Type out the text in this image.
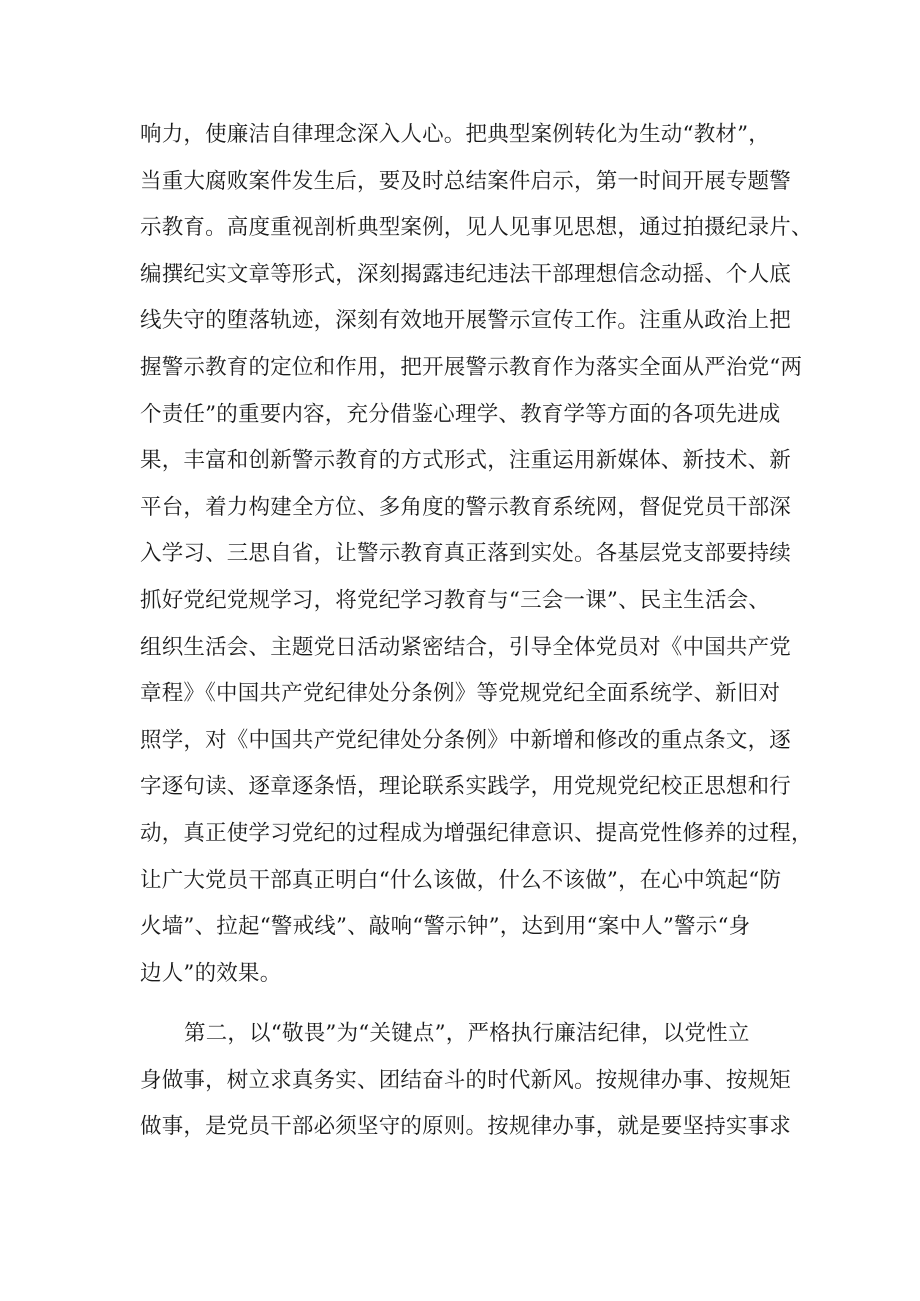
响力，使廉洁自律理念深入人心。把典型案例转化为生动“教材”，
当重大腐败案件发生后，要及时总结案件启示，第一时间开展专题警
示教育。高度重视剖析典型案例，见人见事见思想，通过拍摄纪录片、
编撰纪实文章等形式，深刻揭露违纪违法干部理想信念动摇、个人底
线失守的堕落轨迹，深刻有效地开展警示宣传工作。注重从政治上把
握警示教育的定位和作用，把开展警示教育作为落实全面从严治党“两
个责任”的重要内容，充分借鉴心理学、教育学等方面的各项先进成
果，丰富和创新警示教育的方式形式，注重运用新媒体、新技术、新
平台，着力构建全方位、多角度的警示教育系统网，督促党员干部深
入学习、三思自省，让警示教育真正落到实处。各基层党支部要持续
抓好党纪党规学习，将党纪学习教育与“三会一课”、民主生活会、
组织生活会、主题党日活动紧密结合，引导全体党员对《中国共产党
章程》《中国共产党纪律处分条例》等党规党纪全面系统学、新旧对
照学，对《中国共产党纪律处分条例》中新增和修改的重点条文，逐
字逐句读、逐章逐条悟，理论联系实践学，用党规党纪校正思想和行
动，真正使学习党纪的过程成为增强纪律意识、提高党性修养的过程，
让广大党员干部真正明白“什么该做，什么不该做”，在心中筑起“防
火墙”、拉起“警戒线”、敲响“警示钟”，达到用“案中人”警示“身
边人”的效果。
第二，以“敬畏”为“关键点”，严格执行廉洁纪律，以党性立
身做事，树立求真务实、团结奋斗的时代新风。按规律办事、按规矩
做事，是党员干部必须坚守的原则。按规律办事，就是要坚持实事求
